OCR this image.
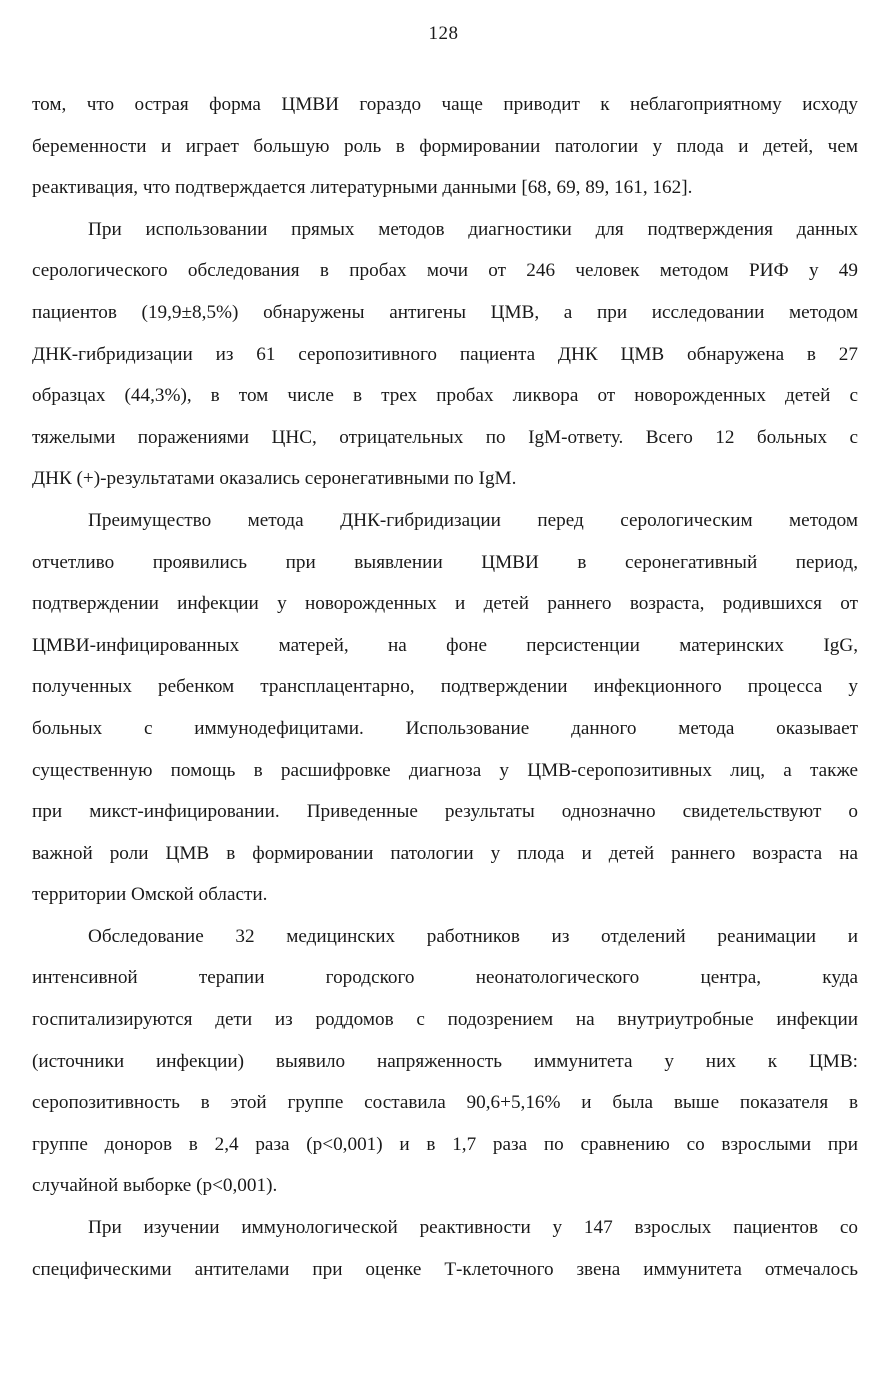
128
том, что острая форма ЦМВИ гораздо чаще приводит к неблагоприятному исходу
беременности и играет большую роль в формировании патологии у плода и детей, чем
реактивация, что подтверждается литературными данными [68, 69, 89, 161, 162].
При использовании прямых методов диагностики для подтверждения данных
серологического обследования в пробах мочи от 246 человек методом РИФ у 49
пациентов (19,9±8,5%) обнаружены антигены ЦМВ, а при исследовании методом
ДНК-гибридизации из 61 серопозитивного пациента ДНК ЦМВ обнаружена в 27
образцах (44,3%), в том числе в трех пробах ликвора от новорожденных детей с
тяжелыми поражениями ЦНС, отрицательных по IgM-ответу. Всего 12 больных с
ДНК (+)-результатами оказались серонегативными по IgM.
Преимущество метода ДНК-гибридизации перед серологическим методом
отчетливо проявились при выявлении ЦМВИ в серонегативный период,
подтверждении инфекции у новорожденных и детей раннего возраста, родившихся от
ЦМВИ-инфицированных матерей, на фоне персистенции материнских IgG,
полученных ребенком трансплацентарно, подтверждении инфекционного процесса у
больных с иммунодефицитами. Использование данного метода оказывает
существенную помощь в расшифровке диагноза у ЦМВ-серопозитивных лиц, а также
при микст-инфицировании. Приведенные результаты однозначно свидетельствуют о
важной роли ЦМВ в формировании патологии у плода и детей раннего возраста на
территории Омской области.
Обследование 32 медицинских работников из отделений реанимации и
интенсивной терапии городского неонатологического центра, куда
госпитализируются дети из роддомов с подозрением на внутриутробные инфекции
(источники инфекции) выявило напряженность иммунитета у них к ЦМВ:
серопозитивность в этой группе составила 90,6+5,16% и была выше показателя в
группе доноров в 2,4 раза (p<0,001) и в 1,7 раза по сравнению со взрослыми при
случайной выборке (p<0,001).
При изучении иммунологической реактивности у 147 взрослых пациентов со
специфическими антителами при оценке Т-клеточного звена иммунитета отмечалось
